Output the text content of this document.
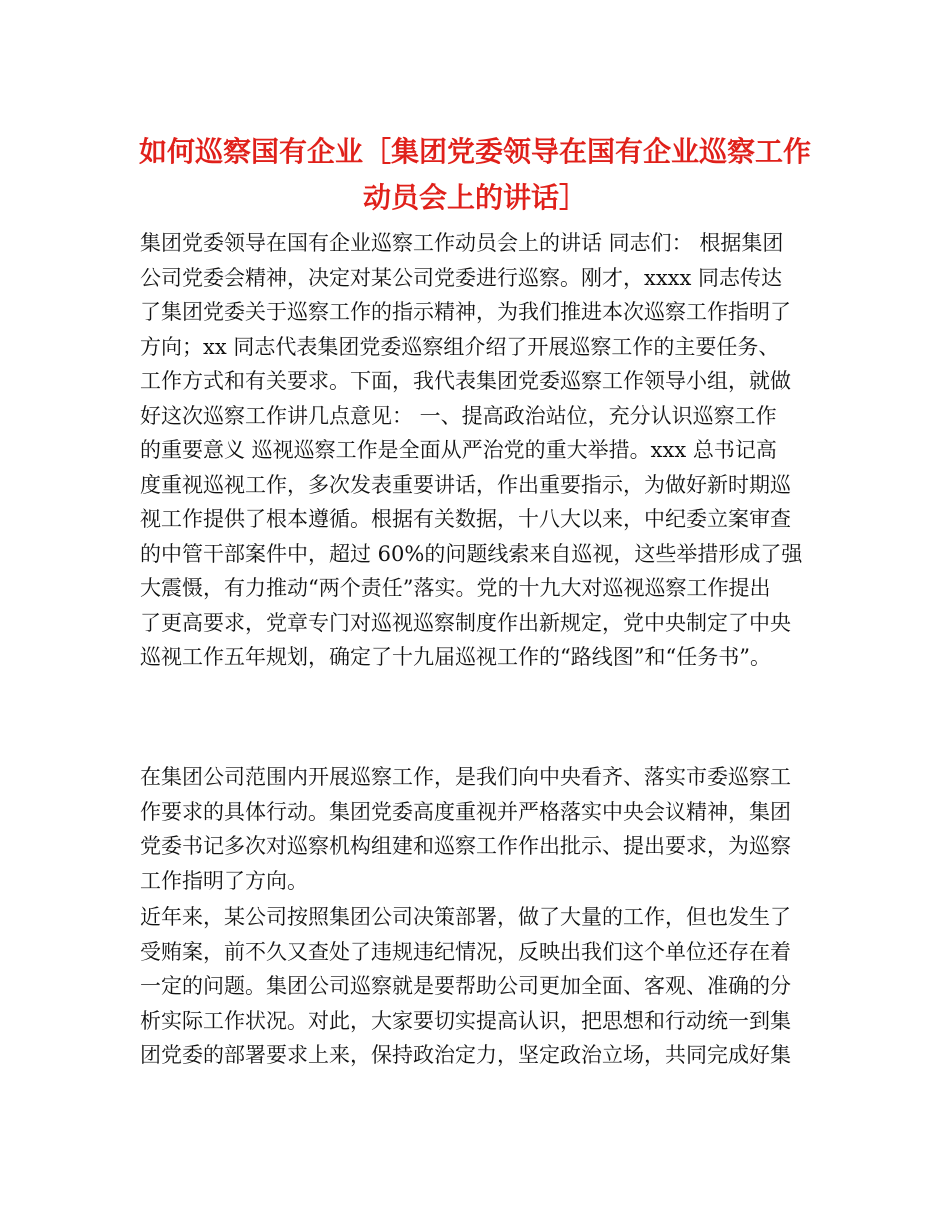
如何巡察国有企业［集团党委领导在国有企业巡察工作
动员会上的讲话］
集团党委领导在国有企业巡察工作动员会上的讲话 同志们： 根据集团
公司党委会精神，决定对某公司党委进行巡察。刚才，xxxx 同志传达
了集团党委关于巡察工作的指示精神，为我们推进本次巡察工作指明了
方向；xx 同志代表集团党委巡察组介绍了开展巡察工作的主要任务、
工作方式和有关要求。下面，我代表集团党委巡察工作领导小组，就做
好这次巡察工作讲几点意见： 一、提高政治站位，充分认识巡察工作
的重要意义 巡视巡察工作是全面从严治党的重大举措。xxx 总书记高
度重视巡视工作，多次发表重要讲话，作出重要指示，为做好新时期巡
视工作提供了根本遵循。根据有关数据，十八大以来，中纪委立案审查
的中管干部案件中，超过 60%的问题线索来自巡视，这些举措形成了强
大震慑，有力推动“两个责任”落实。党的十九大对巡视巡察工作提出
了更高要求，党章专门对巡视巡察制度作出新规定，党中央制定了中央
巡视工作五年规划，确定了十九届巡视工作的“路线图”和“任务书”。
在集团公司范围内开展巡察工作，是我们向中央看齐、落实市委巡察工
作要求的具体行动。集团党委高度重视并严格落实中央会议精神，集团
党委书记多次对巡察机构组建和巡察工作作出批示、提出要求，为巡察
工作指明了方向。
近年来，某公司按照集团公司决策部署，做了大量的工作，但也发生了
受贿案，前不久又查处了违规违纪情况，反映出我们这个单位还存在着
一定的问题。集团公司巡察就是要帮助公司更加全面、客观、准确的分
析实际工作状况。对此，大家要切实提高认识，把思想和行动统一到集
团党委的部署要求上来，保持政治定力，坚定政治立场，共同完成好集
